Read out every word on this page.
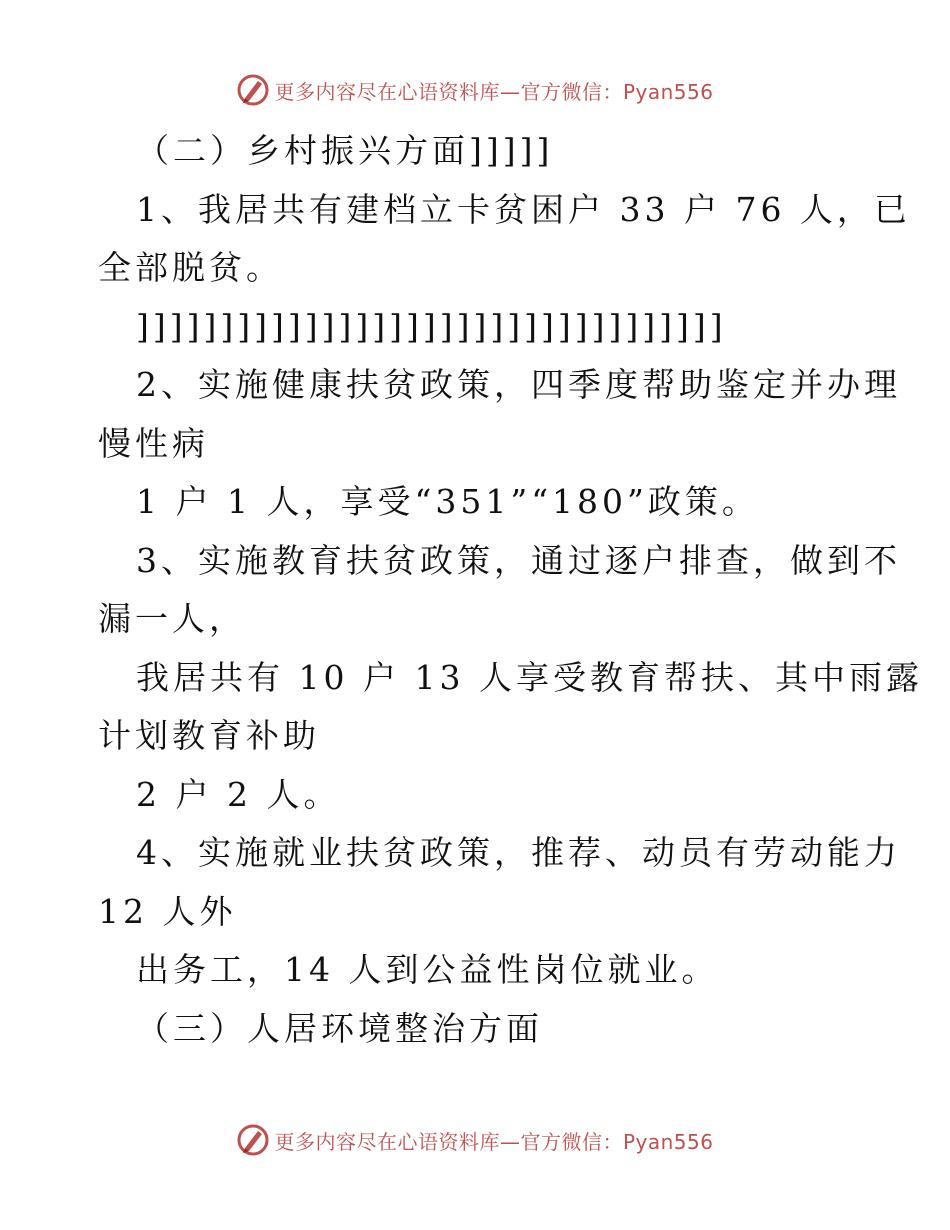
更多内容尽在心语资料库—官方微信：Pyan556
（二）乡村振兴方面]]]]]
1、我居共有建档立卡贫困户 33 户 76 人，已
全部脱贫。
]]]]]]]]]]]]]]]]]]]]]]]]]]]]]]]]]]]
2、实施健康扶贫政策，四季度帮助鉴定并办理
慢性病
1 户 1 人，享受“351”“180”政策。
3、实施教育扶贫政策，通过逐户排查，做到不
漏一人，
我居共有 10 户 13 人享受教育帮扶、其中雨露
计划教育补助
2 户 2 人。
4、实施就业扶贫政策，推荐、动员有劳动能力
12 人外
出务工，14 人到公益性岗位就业。
（三）人居环境整治方面
更多内容尽在心语资料库—官方微信：Pyan556
